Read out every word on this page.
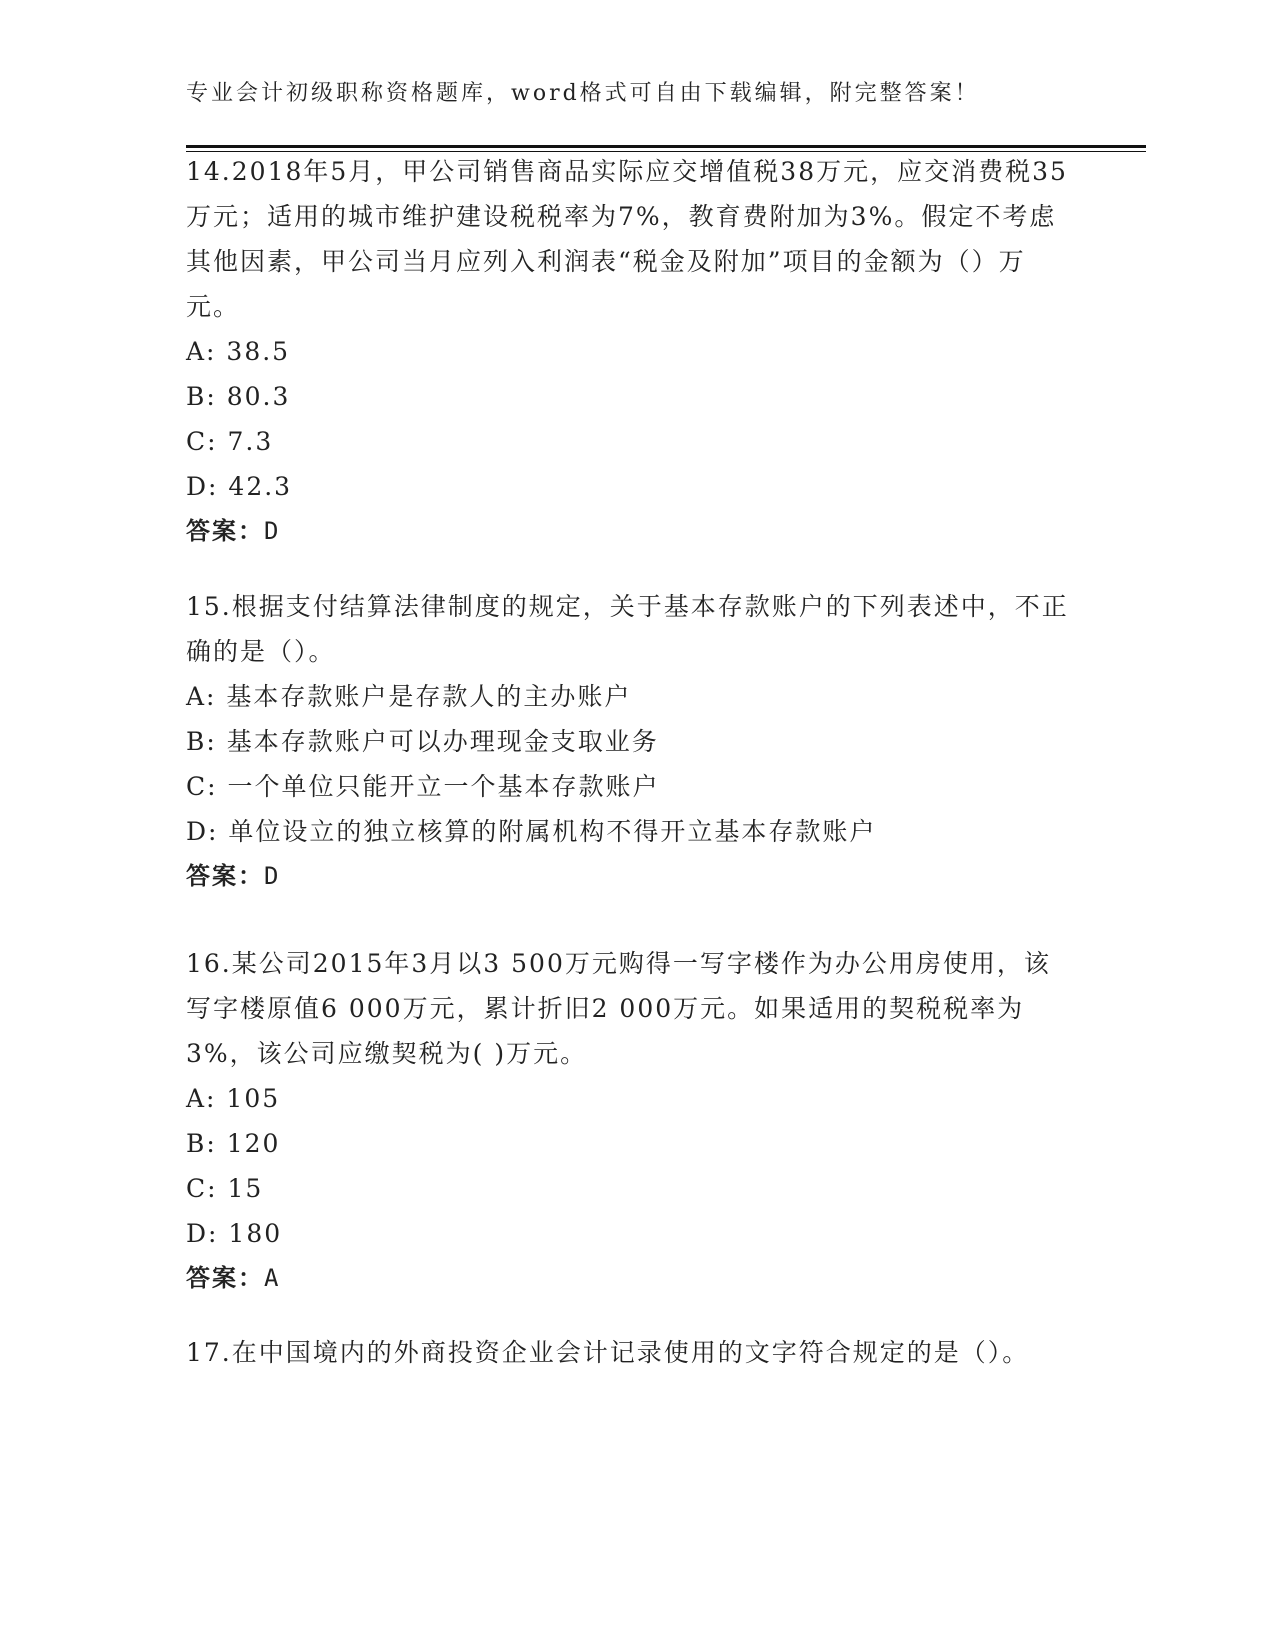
专业会计初级职称资格题库，word格式可自由下载编辑，附完整答案！

14.2018年5月，甲公司销售商品实际应交增值税38万元，应交消费税35万元；适用的城市维护建设税税率为7%，教育费附加为3%。假定不考虑其他因素，甲公司当月应列入利润表“税金及附加”项目的金额为（）万元。

A: 38.5
B: 80.3
C: 7.3
D: 42.3
答案：D

15.根据支付结算法律制度的规定，关于基本存款账户的下列表述中，不正确的是（）。

A: 基本存款账户是存款人的主办账户
B: 基本存款账户可以办理现金支取业务
C: 一个单位只能开立一个基本存款账户
D: 单位设立的独立核算的附属机构不得开立基本存款账户
答案：D

16.某公司2015年3月以3 500万元购得一写字楼作为办公用房使用，该写字楼原值6 000万元，累计折旧2 000万元。如果适用的契税税率为3%，该公司应缴契税为( )万元。

A: 105
B: 120
C: 15
D: 180
答案：A

17.在中国境内的外商投资企业会计记录使用的文字符合规定的是（）。
